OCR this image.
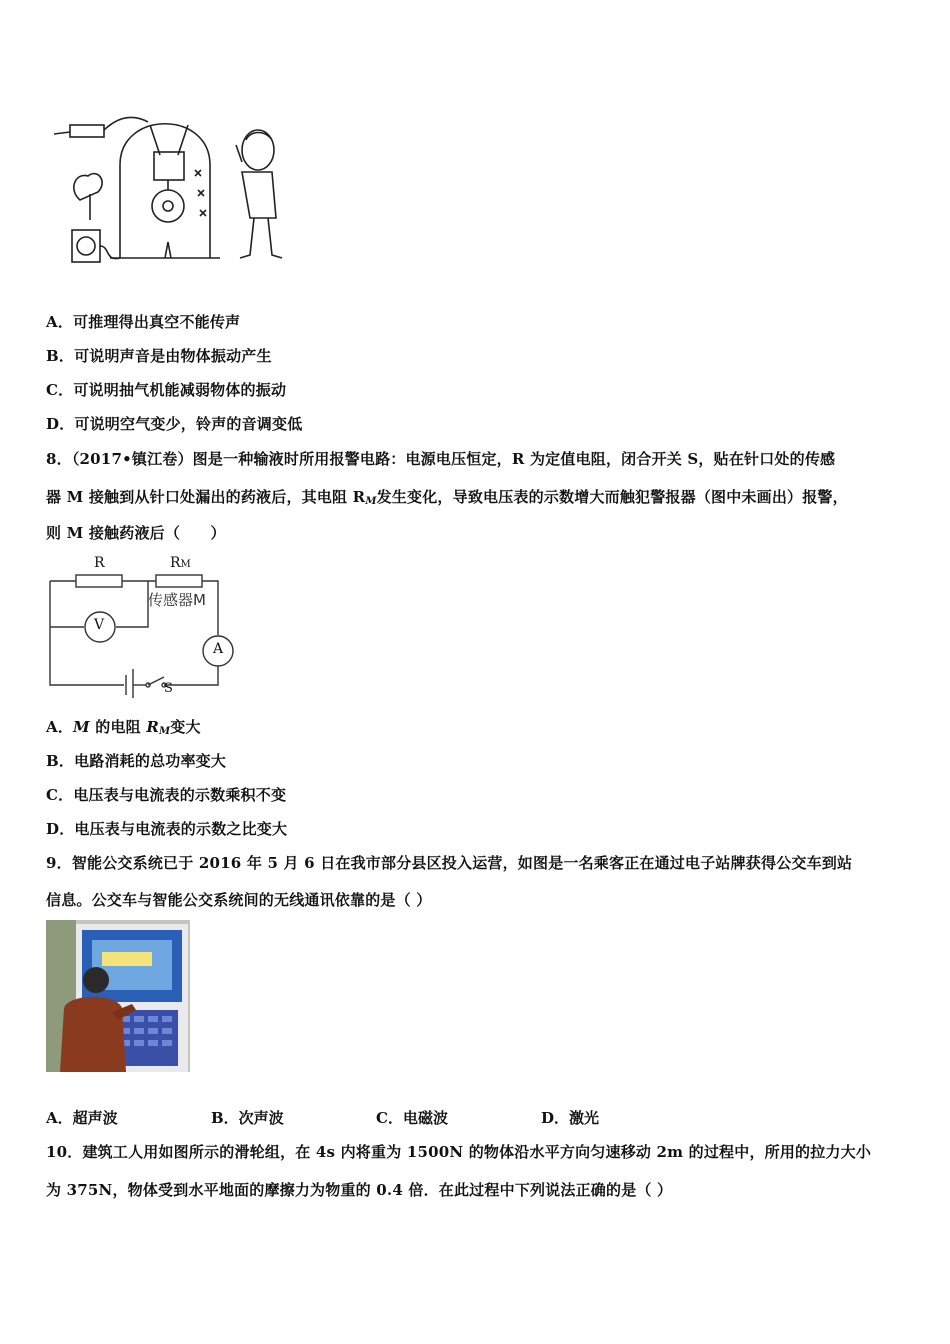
A．可推理得出真空不能传声
B．可说明声音是由物体振动产生
C．可说明抽气机能减弱物体的振动
D．可说明空气变少，铃声的音调变低
8．（2017•镇江卷）图是一种输液时所用报警电路：电源电压恒定，R 为定值电阻，闭合开关 S，贴在针口处的传感
器 M 接触到从针口处漏出的药液后，其电阻 $R_M$发生变化，导致电压表的示数增大而触犯警报器（图中未画出）报警，
则 M 接触药液后（　　）
R	RM
传感器M
V
A
S
A．M 的电阻 $R_M$变大
B．电路消耗的总功率变大
C．电压表与电流表的示数乘积不变
D．电压表与电流表的示数之比变大
9．智能公交系统已于 2016 年 5 月 6 日在我市部分县区投入运营，如图是一名乘客正在通过电子站牌获得公交车到站
信息。公交车与智能公交系统间的无线通讯依靠的是（ ）
A．超声波	B．次声波	C．电磁波	D．激光
10．建筑工人用如图所示的滑轮组，在 4s 内将重为 1500N 的物体沿水平方向匀速移动 2m 的过程中，所用的拉力大小
为 375N，物体受到水平地面的摩擦力为物重的 0.4 倍．在此过程中下列说法正确的是（ ）
